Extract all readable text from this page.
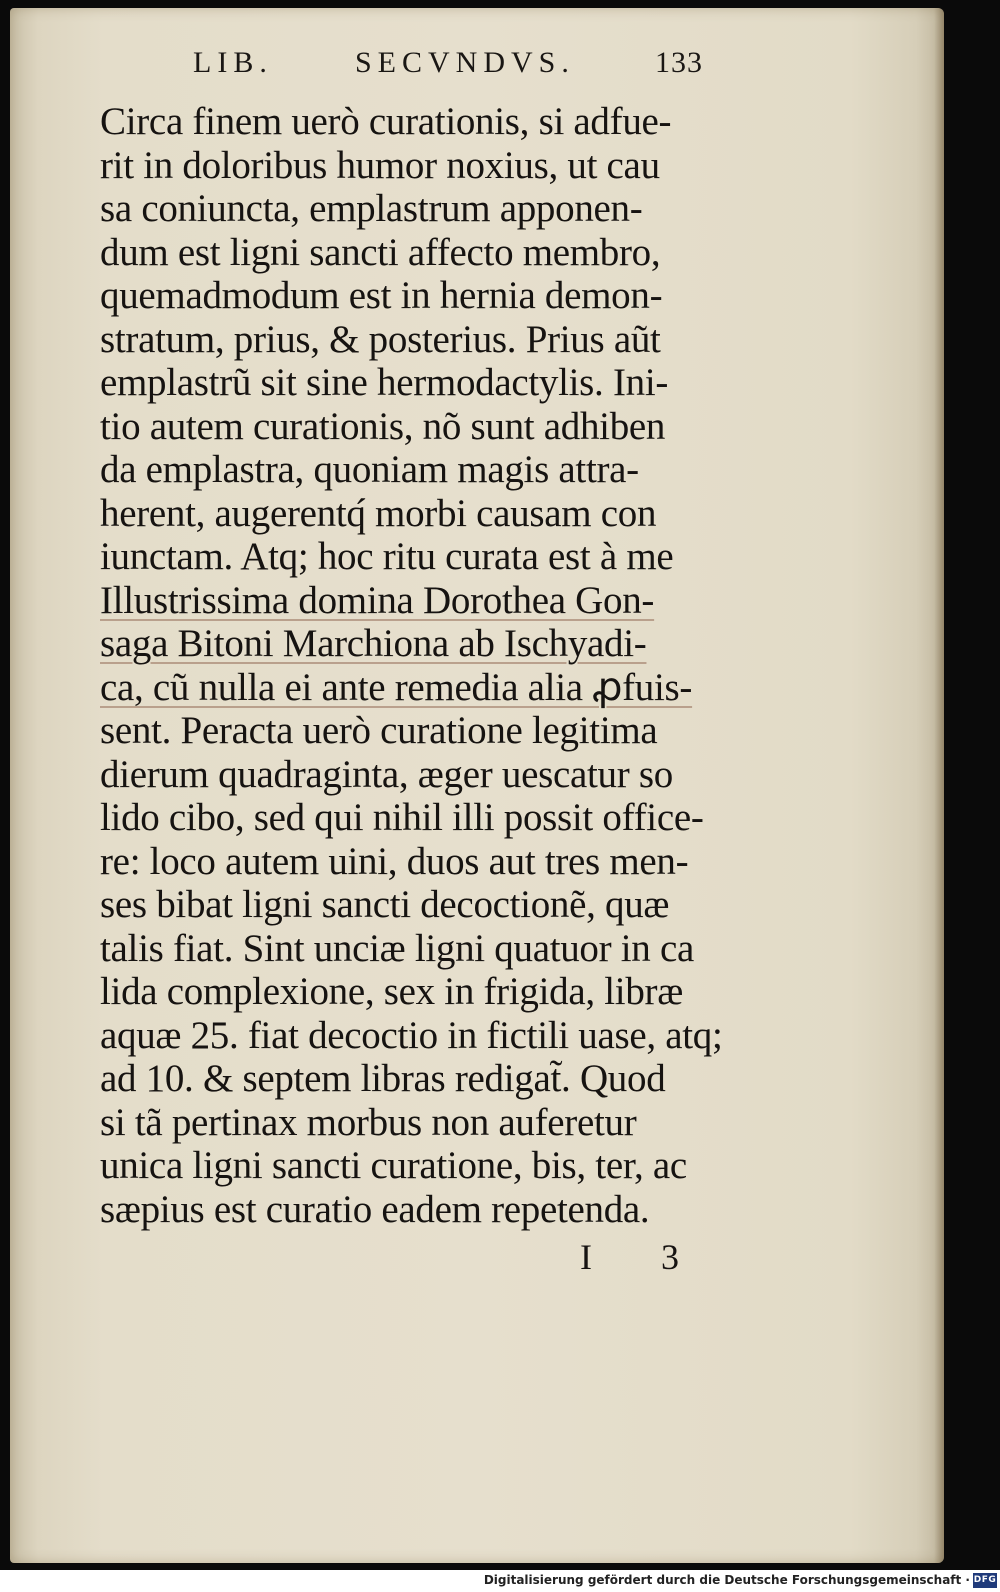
LIB.	SECVNDVS.	133
Circa finem uerò curationis, si adfue-
rit in doloribus humor noxius, ut cau
sa coniuncta, emplastrum apponen-
dum est ligni sancti affecto membro,
quemadmodum est in hernia demon-
stratum, prius, & posterius. Prius aũt
emplastrũ sit sine hermodactylis. Ini-
tio autem curationis, nõ sunt adhiben
da emplastra, quoniam magis attra-
herent, augerentq́ morbi causam con
iunctam. Atq; hoc ritu curata est à me
Illustrissima domina Dorothea Gon-
saga Bitoni Marchiona ab Ischyadi-
ca, cũ nulla ei ante remedia alia ꝓfuis-
sent. Peracta uerò curatione legitima
dierum quadraginta, æger uescatur so
lido cibo, sed qui nihil illi possit office-
re: loco autem uini, duos aut tres men-
ses bibat ligni sancti decoctionẽ, quæ
talis fiat. Sint unciæ ligni quatuor in ca
lida complexione, sex in frigida, libræ
aquæ 25. fiat decoctio in fictili uase, atq;
ad 10. & septem libras redigat̃. Quod
si tã pertinax morbus non auferetur
unica ligni sancti curatione, bis, ter, ac
sæpius est curatio eadem repetenda.
I 3
Digitalisierung gefördert durch die Deutsche Forschungsgemeinschaft · DFG
